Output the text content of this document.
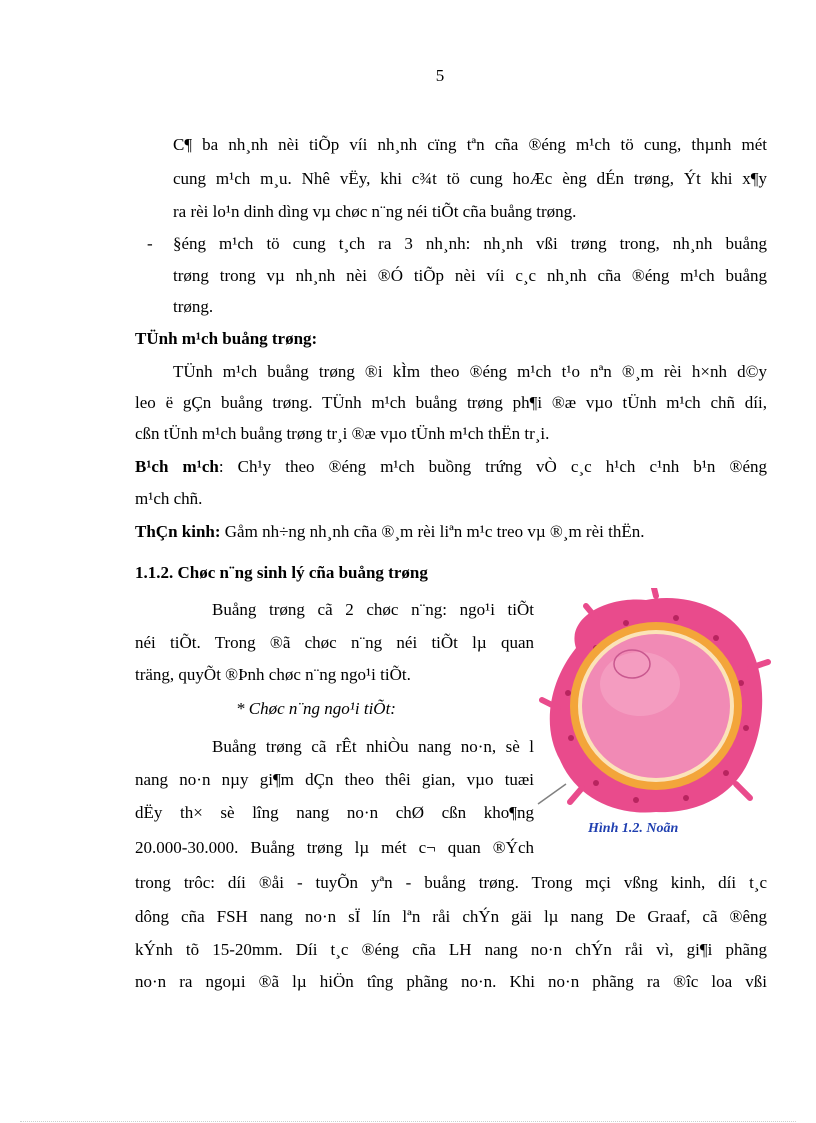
5
C¶ ba nh¸nh nèi tiÕp víi nh¸nh cïng tªn cña ®éng m¹ch tö cung, thµnh mét
cung m¹ch m¸u. Nhê vËy, khi c¾t tö cung hoÆc èng dÉn trøng, Ýt khi x¶y
ra rèi lo¹n dinh dìng vµ chøc n¨ng néi tiÕt cña buång trøng.
- §éng m¹ch tö cung t¸ch ra 3 nh¸nh: nh¸nh vßi trøng trong, nh¸nh buång
trøng trong vµ nh¸nh nèi ®Ó tiÕp nèi víi c¸c nh¸nh cña ®éng m¹ch buång
trøng.
TÜnh m¹ch buång trøng:
TÜnh m¹ch buång trøng ®i kÌm theo ®éng m¹ch t¹o nªn ®¸m rèi h×nh d©y
leo ë gÇn buång trøng. TÜnh m¹ch buång trøng ph¶i ®æ vµo tÜnh m¹ch chñ díi,
cßn tÜnh m¹ch buång trøng tr¸i ®æ vµo tÜnh m¹ch thËn tr¸i.
B¹ch m¹ch: Ch¹y theo ®éng m¹ch buồng trứng vÒ c¸c h¹ch c¹nh b¹n ®éng
m¹ch chñ.
ThÇn kinh: Gåm nh÷ng nh¸nh cña ®¸m rèi liªn m¹c treo vµ ®¸m rèi thËn.
1.1.2. Chøc n¨ng sinh lý cña buång trøng
Buång trøng cã 2 chøc n¨ng: ngo¹i tiÕt
néi tiÕt. Trong ®ã chøc n¨ng néi tiÕt lµ quan
träng, quyÕt ®Þnh chøc n¨ng ngo¹i tiÕt.
* Chøc n¨ng ngo¹i tiÕt:
Buång trøng cã rÊt nhiÒu nang no·n, sè l
nang no·n nµy gi¶m dÇn theo thêi gian, vµo tuæi
dËy th× sè lîng nang no·n chØ cßn kho¶ng
20.000-30.000. Buång trøng lµ mét c¬ quan ®Ých
trong trôc: díi ®åi - tuyÕn yªn - buång trøng. Trong mçi vßng kinh, díi t¸c
dông cña FSH nang no·n sÏ lín lªn råi chÝn gäi lµ nang De Graaf, cã ®êng
kÝnh tõ 15-20mm. Díi t¸c ®éng cña LH nang no·n chÝn råi vì, gi¶i phãng
no·n ra ngoµi ®ã lµ hiÖn tîng phãng no·n. Khi no·n phãng ra ®îc loa vßi
Hình 1.2. Noãn
